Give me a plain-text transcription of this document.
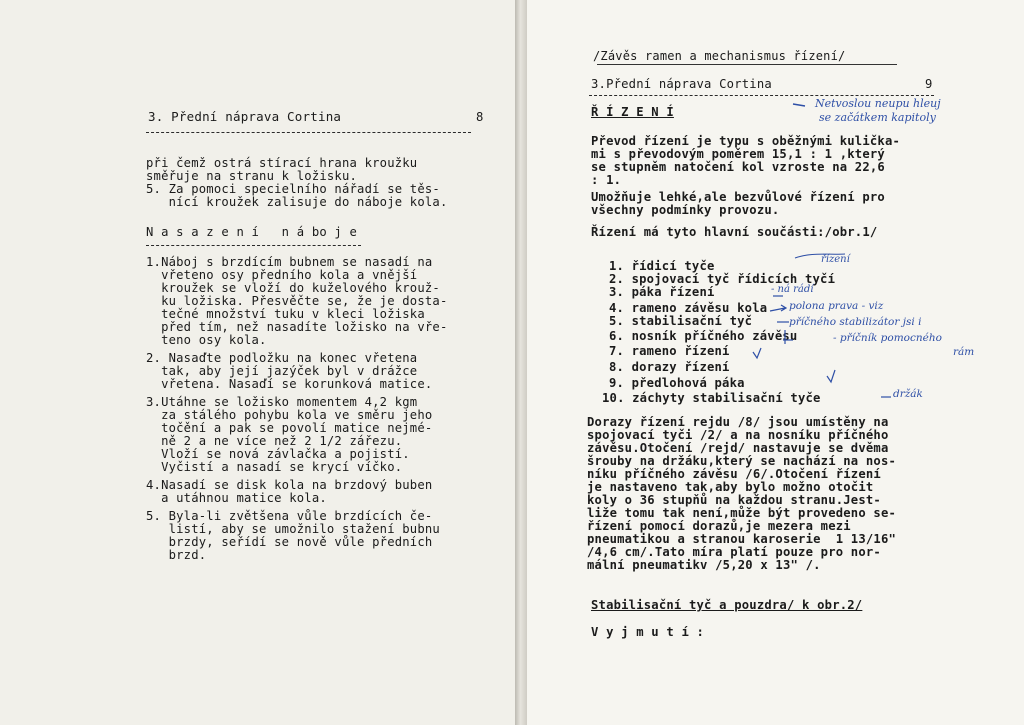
3. Přední náprava Cortina	8
při čemž ostrá stírací hrana kroužku
směřuje na stranu k ložisku.
5. Za pomoci specielního nářadí se těs-
nící kroužek zalisuje do náboje kola.
N a s a z e n í   n á bo j e
1.Náboj s brzdícím bubnem se nasadí na
vřeteno osy předního kola a vnější
kroužek se vloží do kuželového krouž-
ku ložiska. Přesvěčte se, že je dosta-
tečné množství tuku v kleci ložiska
před tím, než nasadíte ložisko na vře-
teno osy kola.
2. Nasaďte podložku na konec vřetena
tak, aby její jazýček byl v drážce
vřetena. Nasaďí se korunková matice.
3.Utáhne se ložisko momentem 4,2 kgm
za stálého pohybu kola ve směru jeho
točění a pak se povolí matice nejmé-
ně 2 a ne více než 2 1/2 zářezu.
Vloží se nová závlačka a pojistí.
Vyčistí a nasadí se krycí víčko.
4.Nasadí se disk kola na brzdový buben
a utáhnou matice kola.
5. Byla-li zvětšena vůle brzdících če-
listí, aby se umožnilo stažení bubnu
brzdy, seřídí se nově vůle předních
brzd.
/Závěs ramen a mechanismus řízení/
3.Přední náprava Cortina	9
Ř Í Z E N Í
Převod řízení je typu s oběžnými kulička-
mi s převodovým poměrem 15,1 : 1 ,který
se stupněm natočení kol vzroste na 22,6
: 1.
Umožňuje lehké,ale bezvůlové řízení pro
všechny podmínky provozu.
Řízení má tyto hlavní součásti:/obr.1/
1. řídicí tyče
2. spojovací tyč řídicích tyčí
3. páka řízení
4. rameno závěsu kola
5. stabilisační tyč
6. nosník příčného závěsu
7. rameno řízení
8. dorazy řízení
9. předlohová páka
10. záchyty stabilisační tyče
Dorazy řízení rejdu /8/ jsou umístěny na
spojovací tyči /2/ a na nosníku příčného
závěsu.Otočení /rejd/ nastavuje se dvěma
šrouby na držáku,který se nachází na nos-
níku příčného závěsu /6/.Otočení řízení
je nastaveno tak,aby bylo možno otočit
koly o 36 stupňů na každou stranu.Jest-
liže tomu tak není,může být provedeno se-
řízení pomocí dorazů,je mezera mezi
pneumatikou a stranou karoserie  1 13/16"
/4,6 cm/.Tato míra platí pouze pro nor-
mální pneumatikv /5,20 x 13" /.
Stabilisační tyč a pouzdra/ k obr.2/
V y j m u t í :
Netvoslou neupu hleuj
se začátkem kapitoly
řízení
- ná rádí
polona prava - viz
příčného stabilizátor jsi i
- příčník pomocného
rám
držák
